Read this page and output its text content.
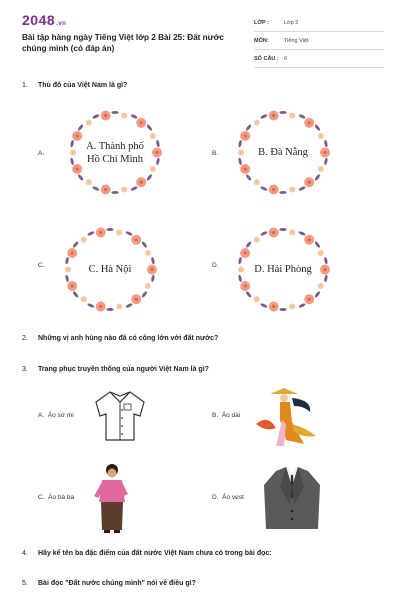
2048.vn
Bài tập hàng ngày Tiếng Việt lớp 2 Bài 25: Đất nước chúng mình (có đáp án)
LỚP :	Lớp 2
MÔN:	Tiếng Việt
SỐ CÂU : 6
1. Thủ đô của Việt Nam là gì?
A.
A. Thành phố
Hồ Chí Minh	B.	B. Đà Nẵng
C.	C. Hà Nội	D.	D. Hải Phòng
2. Những vị anh hùng nào đã có công lớn với đất nước?
3. Trang phục truyền thống của người Việt Nam là gì?
A. Áo sơ mi	B. Áo dài
C. Áo bà ba	D. Áo vest
4. Hãy kể tên ba đặc điểm của đất nước Việt Nam chưa có trong bài đọc:
5. Bài đọc "Đất nước chúng mình" nói về điều gì?
